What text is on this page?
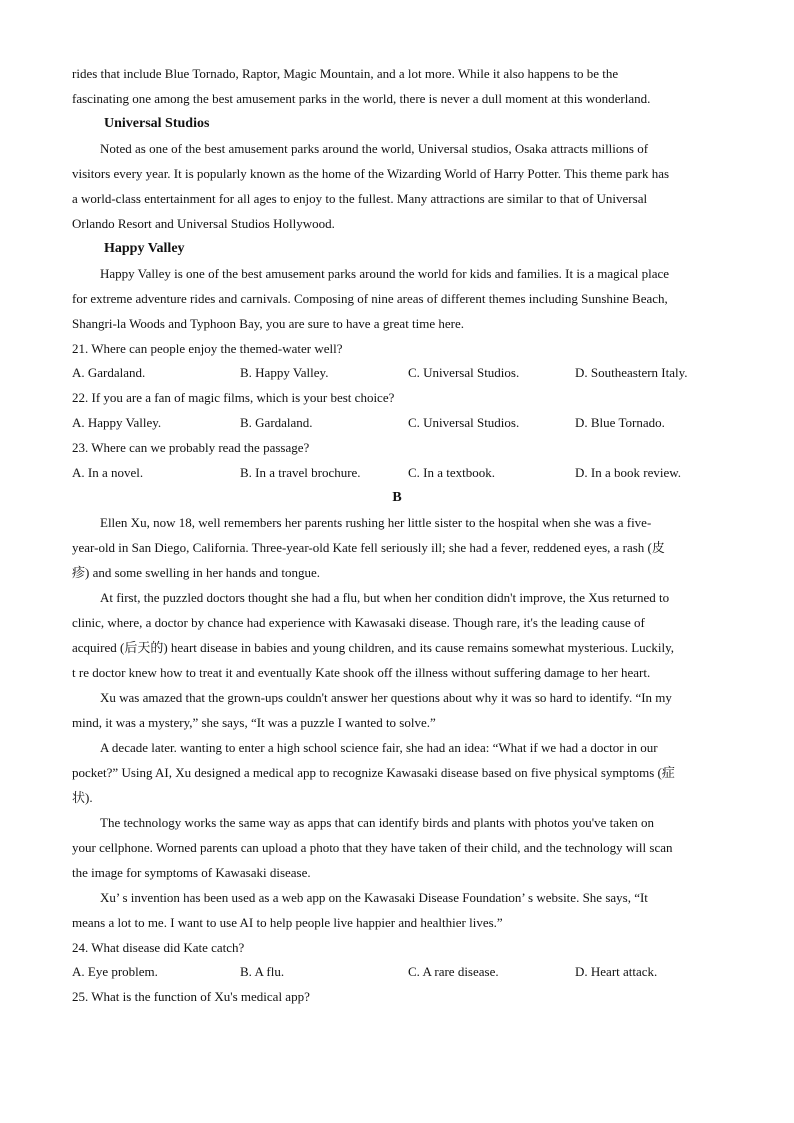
rides that include Blue Tornado, Raptor, Magic Mountain, and a lot more. While it also happens to be the
fascinating one among the best amusement parks in the world, there is never a dull moment at this wonderland.
Universal Studios
Noted as one of the best amusement parks around the world, Universal studios, Osaka attracts millions of
visitors every year. It is popularly known as the home of the Wizarding World of Harry Potter. This theme park has
a world-class entertainment for all ages to enjoy to the fullest. Many attractions are similar to that of Universal
Orlando Resort and Universal Studios Hollywood.
Happy Valley
Happy Valley is one of the best amusement parks around the world for kids and families. It is a magical place
for extreme adventure rides and carnivals. Composing of nine areas of different themes including Sunshine Beach,
Shangri-la Woods and Typhoon Bay, you are sure to have a great time here.
21. Where can people enjoy the themed-water well?
A. Gardaland.	B. Happy Valley.	C. Universal Studios.	D. Southeastern Italy.
22. If you are a fan of magic films, which is your best choice?
A. Happy Valley.	B. Gardaland.	C. Universal Studios.	D. Blue Tornado.
23. Where can we probably read the passage?
A. In a novel.	B. In a travel brochure.	C. In a textbook.	D. In a book review.
B
Ellen Xu, now 18, well remembers her parents rushing her little sister to the hospital when she was a five-
year-old in San Diego, California. Three-year-old Kate fell seriously ill; she had a fever, reddened eyes, a rash (皮
疹) and some swelling in her hands and tongue.
At first, the puzzled doctors thought she had a flu, but when her condition didn't improve, the Xus returned to
clinic, where, a doctor by chance had experience with Kawasaki disease. Though rare, it's the leading cause of
acquired (后天的) heart disease in babies and young children, and its cause remains somewhat mysterious. Luckily,
t re doctor knew how to treat it and eventually Kate shook off the illness without suffering damage to her heart.
Xu was amazed that the grown-ups couldn't answer her questions about why it was so hard to identify. “In my
mind, it was a mystery,” she says, “It was a puzzle I wanted to solve.”
A decade later. wanting to enter a high school science fair, she had an idea: “What if we had a doctor in our
pocket?” Using AI, Xu designed a medical app to recognize Kawasaki disease based on five physical symptoms (症
状).
The technology works the same way as apps that can identify birds and plants with photos you've taken on
your cellphone. Worned parents can upload a photo that they have taken of their child, and the technology will scan
the image for symptoms of Kawasaki disease.
Xu’ s invention has been used as a web app on the Kawasaki Disease Foundation’ s website. She says, “It
means a lot to me. I want to use AI to help people live happier and healthier lives.”
24. What disease did Kate catch?
A. Eye problem.	B. A flu.	C. A rare disease.	D. Heart attack.
25. What is the function of Xu's medical app?
